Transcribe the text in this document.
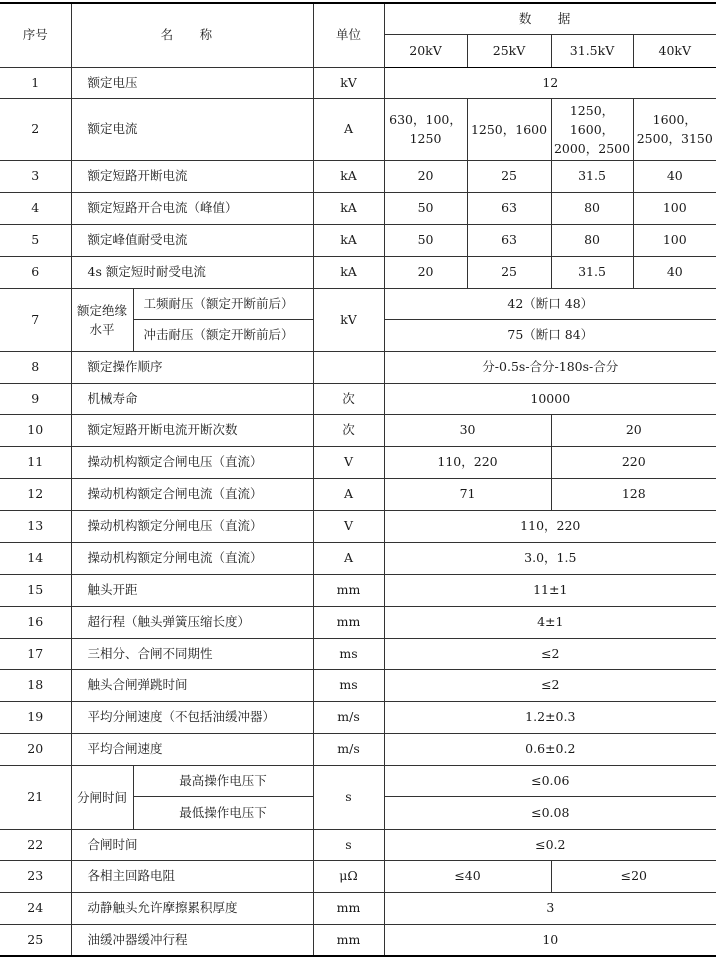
序号	名 称		单位	数 据			
				20kV	25kV	31.5kV	40kV
1	额定电压		kV	12			
2	额定电流		A	630，100，1250	1250，1600	1250，1600，2000，2500	1600，2500，3150
3	额定短路开断电流		kA	20	25	31.5	40
4	额定短路开合电流（峰值）		kA	50	63	80	100
5	额定峰值耐受电流		kA	50	63	80	100
6	4s 额定短时耐受电流		kA	20	25	31.5	40
7	额定绝缘水平	工频耐压（额定开断前后）	kV	42（断口 48）			
		冲击耐压（额定开断前后）		75（断口 84）			
8	额定操作顺序			分-0.5s-合分-180s-合分			
9	机械寿命		次	10000			
10	额定短路开断电流开断次数		次	30		20	
11	操动机构额定合闸电压（直流）		V	110，220		220	
12	操动机构额定合闸电流（直流）		A	71		128	
13	操动机构额定分闸电压（直流）		V	110，220			
14	操动机构额定分闸电流（直流）		A	3.0，1.5			
15	触头开距		mm	11±1			
16	超行程（触头弹簧压缩长度）		mm	4±1			
17	三相分、合闸不同期性		ms	≤2			
18	触头合闸弹跳时间		ms	≤2			
19	平均分闸速度（不包括油缓冲器）		m/s	1.2±0.3			
20	平均合闸速度		m/s	0.6±0.2			
21	分闸时间	最高操作电压下	s	≤0.06			
		最低操作电压下		≤0.08			
22	合闸时间		s	≤0.2			
23	各相主回路电阻		μΩ	≤40		≤20	
24	动静触头允许摩擦累积厚度		mm	3			
25	油缓冲器缓冲行程		mm	10			
